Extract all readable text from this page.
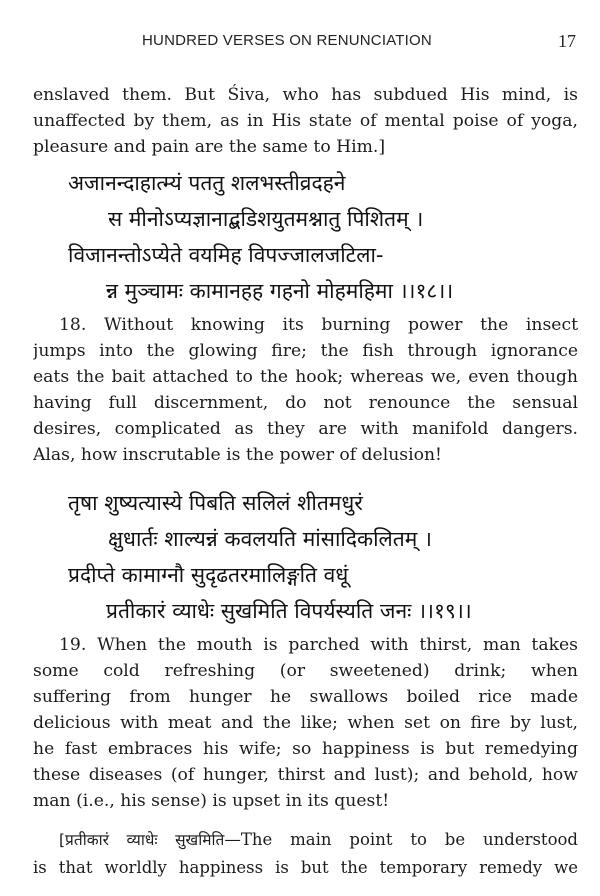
HUNDRED VERSES ON RENUNCIATION	17
enslaved them. But Śiva, who has subdued His mind, is
unaffected by them, as in His state of mental poise of yoga,
pleasure and pain are the same to Him.]
अजानन्दाहात्म्यं पततु शलभस्तीव्रदहने
स मीनोऽप्यज्ञानाद्बडिशयुतमश्नातु पिशितम् ।
विजानन्तोऽप्येते वयमिह विपज्जालजटिला-
न्न मुञ्चामः कामानहह गहनो मोहमहिमा ।।१८।।
18. Without knowing its burning power the insect
jumps into the glowing fire; the fish through ignorance
eats the bait attached to the hook; whereas we, even though
having full discernment, do not renounce the sensual
desires, complicated as they are with manifold dangers.
Alas, how inscrutable is the power of delusion!
तृषा शुष्यत्यास्ये पिबति सलिलं शीतमधुरं
क्षुधार्तः शाल्यन्नं कवलयति मांसादिकलितम् ।
प्रदीप्ते कामाग्नौ सुदृढतरमालिङ्गति वधूं
प्रतीकारं व्याधेः सुखमिति विपर्यस्यति जनः ।।१९।।
19. When the mouth is parched with thirst, man takes
some cold refreshing (or sweetened) drink; when
suffering from hunger he swallows boiled rice made
delicious with meat and the like; when set on fire by lust,
he fast embraces his wife; so happiness is but remedying
these diseases (of hunger, thirst and lust); and behold, how
man (i.e., his sense) is upset in its quest!
[प्रतीकारं व्याधेः सुखमिति—The main point to be understood
is that worldly happiness is but the temporary remedy we
